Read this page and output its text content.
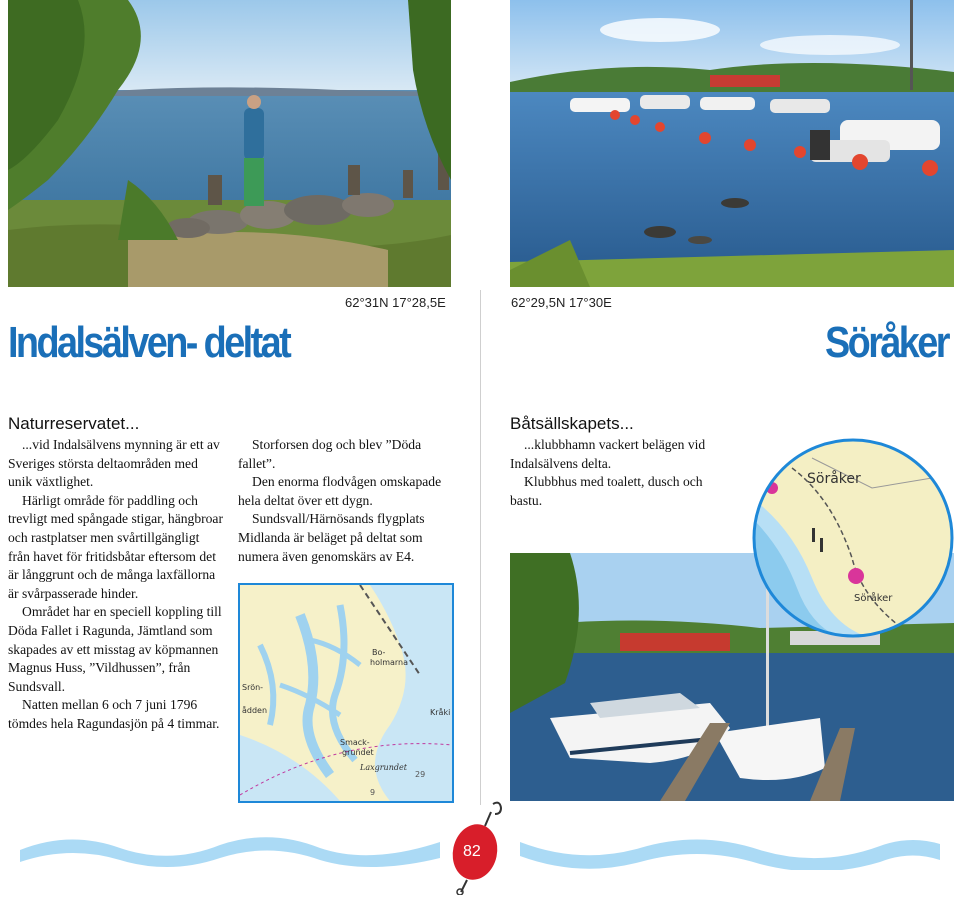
62°31N 17°28,5E	62°29,5N 17°30E
Indalsälven- deltat	Söråker
Naturreservatet...

...vid Indalsälvens mynning är ett av Sveriges största deltaområden med unik växtlighet.

Härligt område för paddling och trevligt med spångade stigar, hängbroar och rastplatser men svårtillgängligt från havet för fritidsbåtar eftersom det är långgrunt och de många laxfällorna är svårpasserade hinder.

Området har en speciell koppling till Döda Fallet i Ragunda, Jämtland som skapades av ett misstag av köpmannen Magnus Huss, ”Vildhussen”, från Sundsvall.

Natten mellan 6 och 7 juni 1796 tömdes hela Ragundasjön på 4 timmar.

Storforsen dog och blev ”Döda fallet”.

Den enorma flodvågen omskapade hela deltat över ett dygn.

Sundsvall/Härnösands flygplats Midlanda är beläget på deltat som numera även genomskärs av E4.

Bo-
holmarna
Srön-
ådden
Smack-
grundet
Laxgrundet
Kråki
29
9
Båtsällskapets...

...klubbhamn vackert belägen vid Indalsälvens delta.

Klubbhus med toalett, dusch och bastu.

Söråker
Söråker
82
